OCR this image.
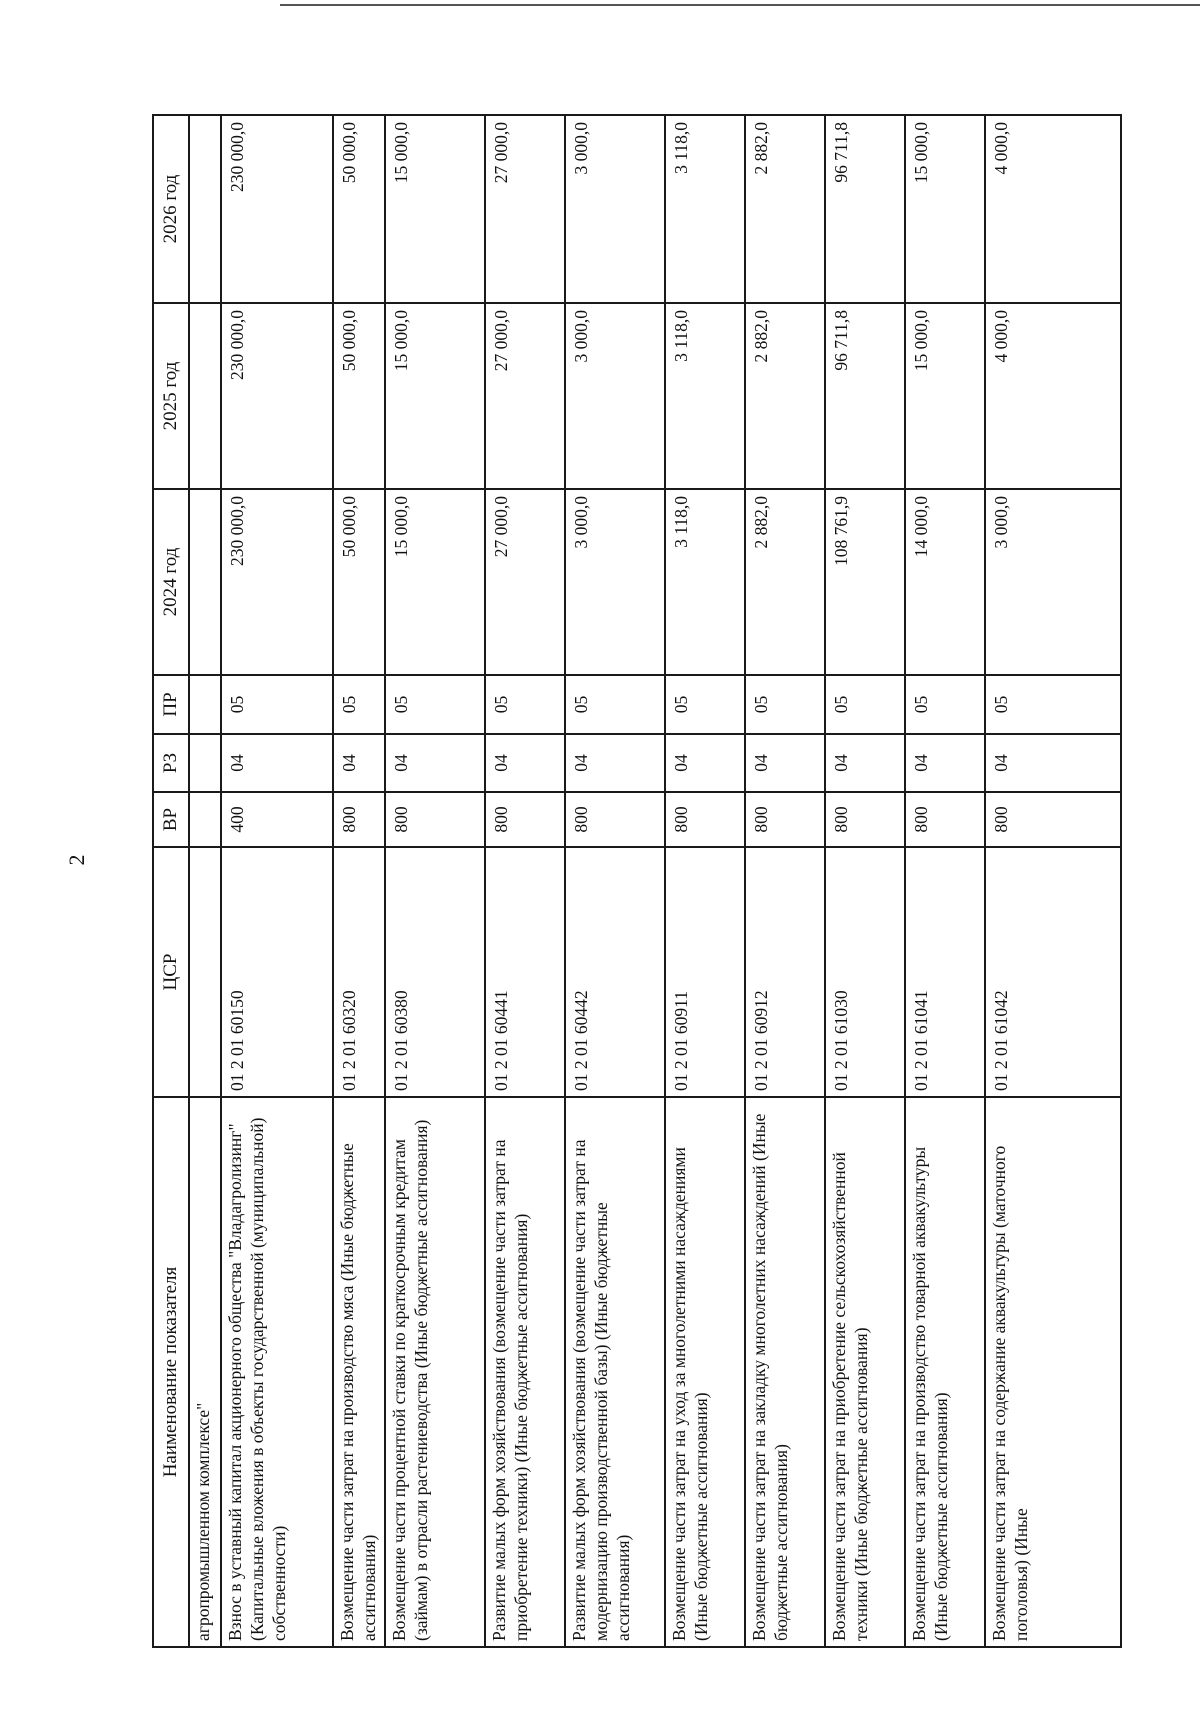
2
Наименование показателя	ЦСР	ВР	РЗ	ПР	2024 год	2025 год	2026 год
агропромышленном комплексе"							
Взнос в уставный капитал акционерного общества "Владагролизинг" (Капитальные вложения в объекты государственной (муниципальной) собственности)	01 2 01 60150	400	04	05	230 000,0	230 000,0	230 000,0
Возмещение части затрат на производство мяса (Иные бюджетные ассигнования)	01 2 01 60320	800	04	05	50 000,0	50 000,0	50 000,0
Возмещение части процентной ставки по краткосрочным кредитам (займам) в отрасли растениеводства (Иные бюджетные ассигнования)	01 2 01 60380	800	04	05	15 000,0	15 000,0	15 000,0
Развитие малых форм хозяйствования (возмещение части затрат на приобретение техники) (Иные бюджетные ассигнования)	01 2 01 60441	800	04	05	27 000,0	27 000,0	27 000,0
Развитие малых форм хозяйствования (возмещение части затрат на модернизацию производственной базы) (Иные бюджетные ассигнования)	01 2 01 60442	800	04	05	3 000,0	3 000,0	3 000,0
Возмещение части затрат на уход за многолетними насаждениями (Иные бюджетные ассигнования)	01 2 01 60911	800	04	05	3 118,0	3 118,0	3 118,0
Возмещение части затрат на закладку многолетних насаждений (Иные бюджетные ассигнования)	01 2 01 60912	800	04	05	2 882,0	2 882,0	2 882,0
Возмещение части затрат на приобретение сельскохозяйственной техники (Иные бюджетные ассигнования)	01 2 01 61030	800	04	05	108 761,9	96 711,8	96 711,8
Возмещение части затрат на производство товарной аквакультуры (Иные бюджетные ассигнования)	01 2 01 61041	800	04	05	14 000,0	15 000,0	15 000,0
Возмещение части затрат на содержание аквакультуры (маточного поголовья) (Иные	01 2 01 61042	800	04	05	3 000,0	4 000,0	4 000,0
